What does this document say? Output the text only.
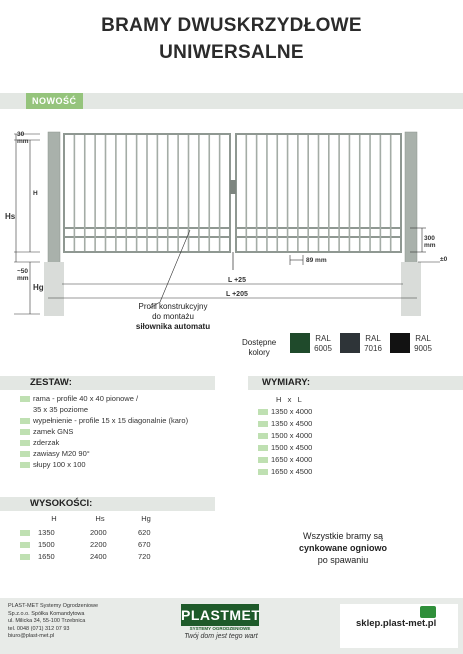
BRAMY DWUSKRZYDŁOWE
UNIWERSALNE
NOWOŚĆ
30
mm
H
Hs
~50
mm
Hg
300
mm
89 mm	±0
L +25
L +205
Profil konstrukcyjny
do montażu
siłownika automatu
Dostępne
kolory
RAL
6005
RAL
7016
RAL
9005
ZESTAW:
rama - profile 40 x 40 pionowe /
35 x 35 poziome
wypełnienie - profile 15 x 15 diagonalnie (karo)
zamek GNS
zderzak
zawiasy M20 90°
słupy 100 x 100
WYMIARY:
H   x   L
1350 x 4000
1350 x 4500
1500 x 4000
1500 x 4500
1650 x 4000
1650 x 4500
WYSOKOŚCI:
H	Hs	Hg
1350	2000	620
1500	2200	670
1650	2400	720
Wszystkie bramy są
cynkowane ogniowo
po spawaniu
PLAST-MET Systemy Ogrodzeniowe
Sp.z.o.o. Spółka Komandytowa
ul. Milicka 34, 55-100 Trzebnica
tel. 0048 (071) 312 07 93
biuro@plast-met.pl
PLASTMET
SYSTEMY OGRODZENIOWE
Twój dom jest tego wart
sklep.plast-met.pl
